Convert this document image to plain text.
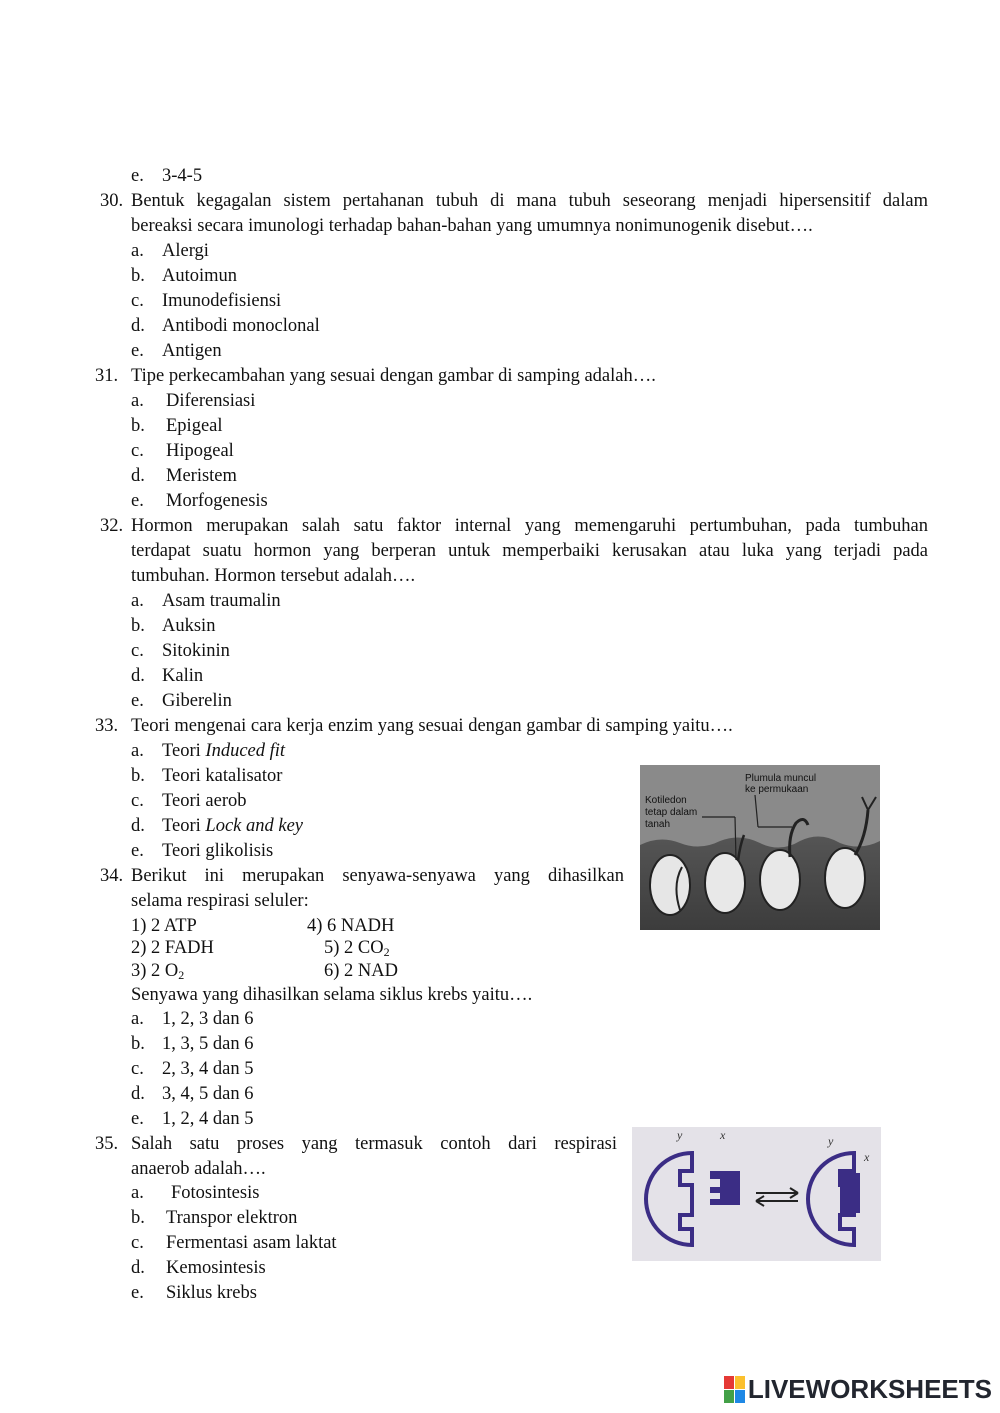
e. 3-4-5
30. Bentuk kegagalan sistem pertahanan tubuh di mana tubuh seseorang menjadi hipersensitif dalam
bereaksi secara imunologi terhadap bahan-bahan yang umumnya nonimunogenik disebut….
a. Alergi
b. Autoimun
c. Imunodefisiensi
d. Antibodi monoclonal
e. Antigen
31. Tipe perkecambahan yang sesuai dengan gambar di samping adalah….
a. Diferensiasi
b. Epigeal
c. Hipogeal
d. Meristem
e. Morfogenesis
32. Hormon merupakan salah satu faktor internal yang memengaruhi pertumbuhan, pada tumbuhan
terdapat suatu hormon yang berperan untuk memperbaiki kerusakan atau luka yang terjadi pada
tumbuhan. Hormon tersebut adalah….
a. Asam traumalin
b. Auksin
c. Sitokinin
d. Kalin
e. Giberelin
33. Teori mengenai cara kerja enzim yang sesuai dengan gambar di samping yaitu….
a. Teori Induced fit
b. Teori katalisator
c. Teori aerob
d. Teori Lock and key
e. Teori glikolisis
34. Berikut ini merupakan senyawa-senyawa yang dihasilkan
selama respirasi seluler:
1) 2 ATP	4) 6 NADH
2) 2 FADH	5) 2 $CO_2$
3) 2 $O_2$	6) 2 NAD
Senyawa yang dihasilkan selama siklus krebs yaitu….
a. 1, 2, 3 dan 6
b. 1, 3, 5 dan 6
c. 2, 3, 4 dan 5
d. 3, 4, 5 dan 6
e. 1, 2, 4 dan 5
35. Salah satu proses yang termasuk contoh dari respirasi
anaerob adalah….
a. Fotosintesis
b. Transpor elektron
c. Fermentasi asam laktat
d. Kemosintesis
e. Siklus krebs
Plumula muncul
ke permukaan
Kotiledon
tetap dalam
tanah
y	x	y
x
LIVEWORKSHEETS
